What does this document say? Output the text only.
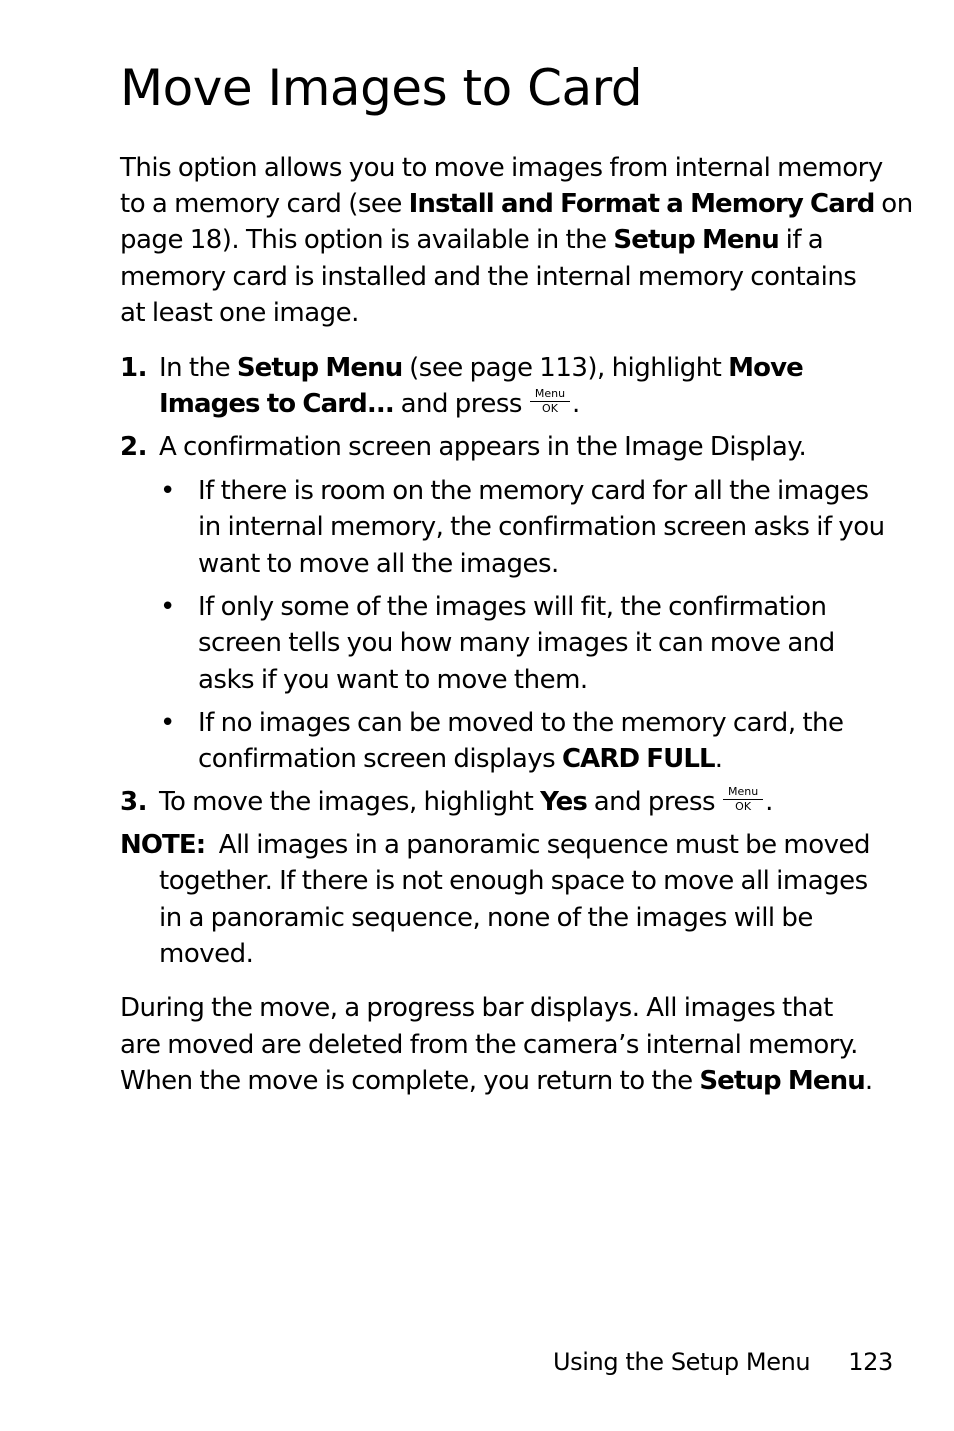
Move Images to Card

This option allows you to move images from internal memory

to a memory card (see Install and Format a Memory Card on

page 18). This option is available in the Setup Menu if a

memory card is installed and the internal memory contains

at least one image.

1. In the Setup Menu (see page 113), highlight Move
Images to Card... and press	Menu
OK .
2. A confirmation screen appears in the Image Display.
• If there is room on the memory card for all the images
in internal memory, the confirmation screen asks if you
want to move all the images.
• If only some of the images will fit, the confirmation
screen tells you how many images it can move and
asks if you want to move them.
• If no images can be moved to the memory card, the
confirmation screen displays CARD FULL.
3. To move the images, highlight Yes and press	Menu
OK .
NOTE:  All images in a panoramic sequence must be moved
together. If there is not enough space to move all images
in a panoramic sequence, none of the images will be
moved.

During the move, a progress bar displays. All images that

are moved are deleted from the camera’s internal memory.

When the move is complete, you return to the Setup Menu.

Using the Setup Menu 123
